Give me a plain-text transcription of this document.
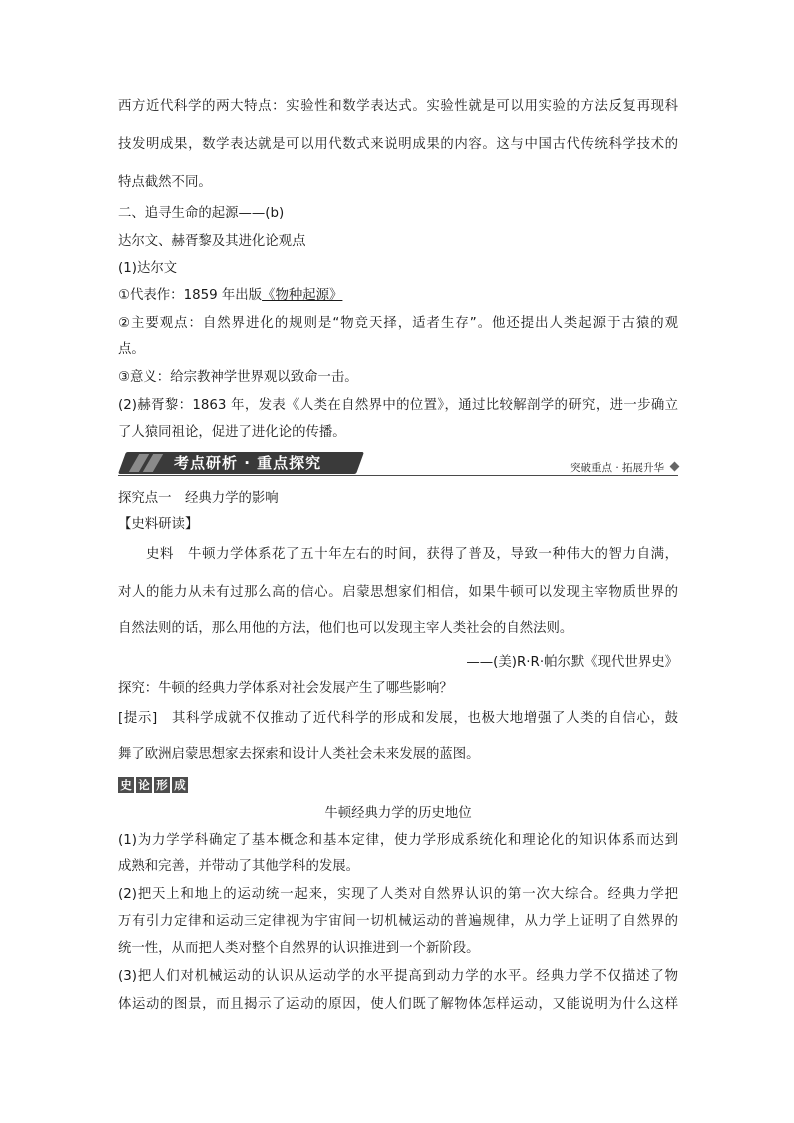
西方近代科学的两大特点：实验性和数学表达式。实验性就是可以用实验的方法反复再现科
技发明成果，数学表达就是可以用代数式来说明成果的内容。这与中国古代传统科学技术的
特点截然不同。
二、追寻生命的起源——(b)
达尔文、赫胥黎及其进化论观点
(1)达尔文
①代表作：1859 年出版《物种起源》
②主要观点：自然界进化的规则是“物竞天择，适者生存”。他还提出人类起源于古猿的观
点。
③意义：给宗教神学世界观以致命一击。
(2)赫胥黎：1863 年，发表《人类在自然界中的位置》，通过比较解剖学的研究，进一步确立
了人猿同祖论，促进了进化论的传播。
考点研析 · 重点探究	突破重点 · 拓展升华
探究点一　经典力学的影响
【史料研读】
史料　牛顿力学体系花了五十年左右的时间，获得了普及，导致一种伟大的智力自满，
对人的能力从未有过那么高的信心。启蒙思想家们相信，如果牛顿可以发现主宰物质世界的
自然法则的话，那么用他的方法，他们也可以发现主宰人类社会的自然法则。
——(美)R·R·帕尔默《现代世界史》
探究：牛顿的经典力学体系对社会发展产生了哪些影响？
[提示]　其科学成就不仅推动了近代科学的形成和发展，也极大地增强了人类的自信心，鼓
舞了欧洲启蒙思想家去探索和设计人类社会未来发展的蓝图。
史 论 形 成
牛顿经典力学的历史地位
(1)为力学学科确定了基本概念和基本定律，使力学形成系统化和理论化的知识体系而达到
成熟和完善，并带动了其他学科的发展。
(2)把天上和地上的运动统一起来，实现了人类对自然界认识的第一次大综合。经典力学把
万有引力定律和运动三定律视为宇宙间一切机械运动的普遍规律，从力学上证明了自然界的
统一性，从而把人类对整个自然界的认识推进到一个新阶段。
(3)把人们对机械运动的认识从运动学的水平提高到动力学的水平。经典力学不仅描述了物
体运动的图景，而且揭示了运动的原因，使人们既了解物体怎样运动，又能说明为什么这样
